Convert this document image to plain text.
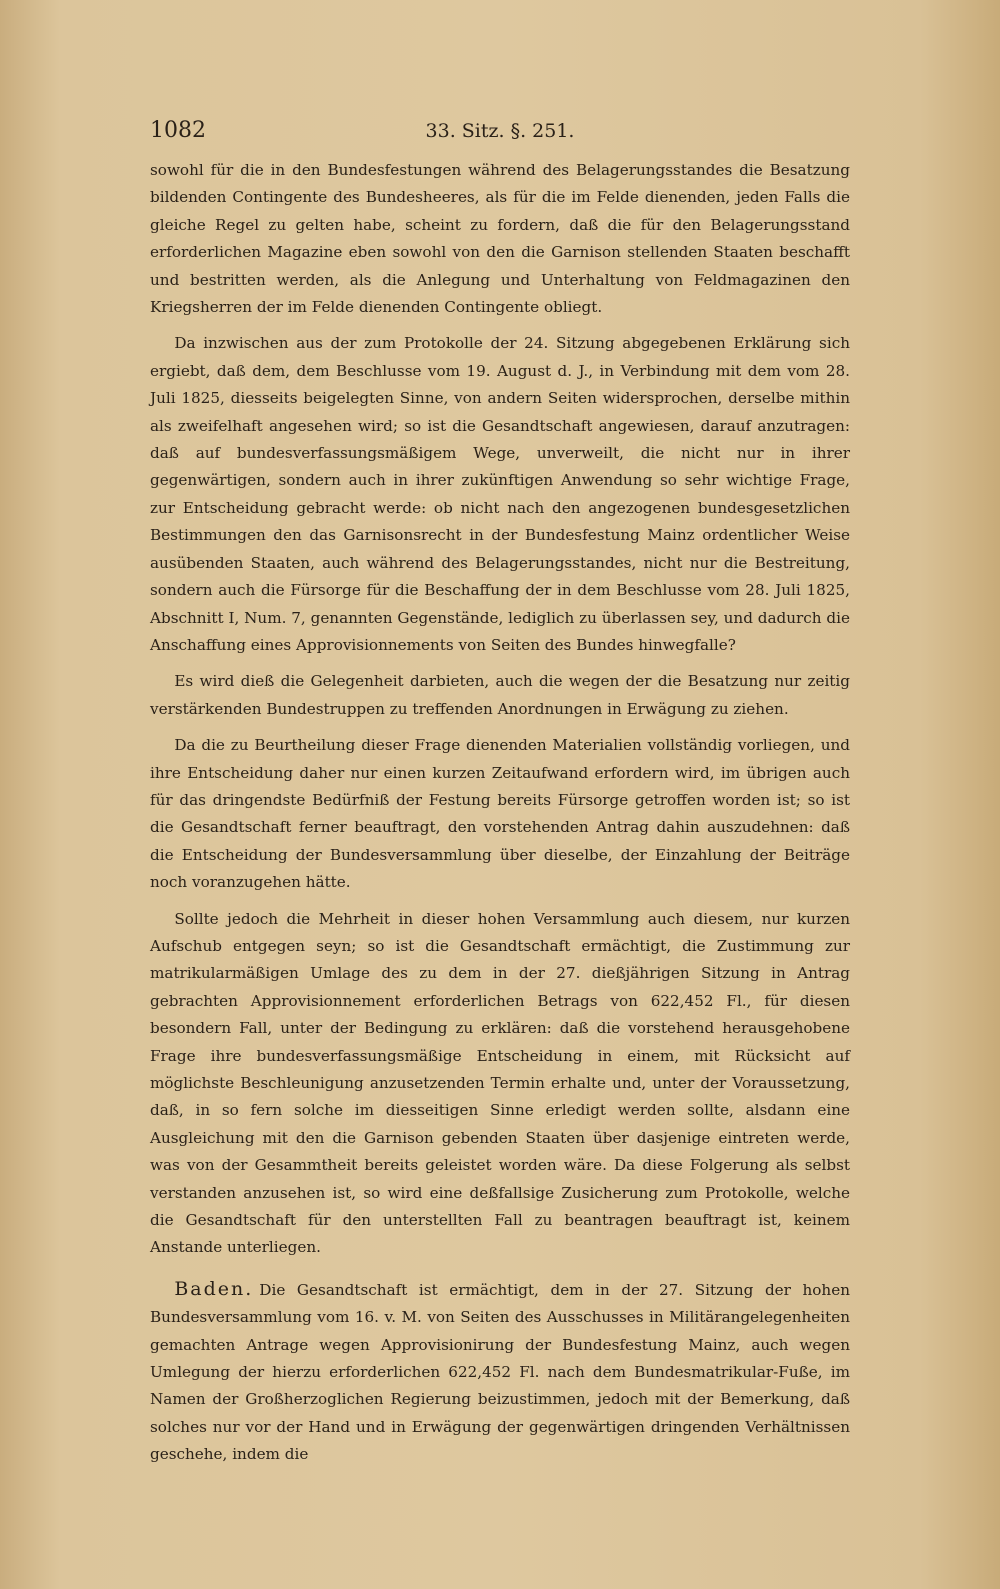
1082	33. Sitz. §. 251.

sowohl für die in den Bundesfestungen während des Belagerungsstandes die Besatzung bildenden Contingente des Bundesheeres, als für die im Felde dienenden, jeden Falls die gleiche Regel zu gelten habe, scheint zu fordern, daß die für den Belagerungsstand erforderlichen Magazine eben sowohl von den die Garnison stellenden Staaten beschafft und bestritten werden, als die Anlegung und Unterhaltung von Feldmagazinen den Kriegsherren der im Felde dienenden Contingente obliegt.

Da inzwischen aus der zum Protokolle der 24. Sitzung abgegebenen Erklärung sich ergiebt, daß dem, dem Beschlusse vom 19. August d. J., in Verbindung mit dem vom 28. Juli 1825, diesseits beigelegten Sinne, von andern Seiten widersprochen, derselbe mithin als zweifelhaft angesehen wird; so ist die Gesandtschaft angewiesen, darauf anzutragen: daß auf bundesverfassungsmäßigem Wege, unverweilt, die nicht nur in ihrer gegenwärtigen, sondern auch in ihrer zukünftigen Anwendung so sehr wichtige Frage, zur Entscheidung gebracht werde: ob nicht nach den angezogenen bundesgesetzlichen Bestimmungen den das Garnisonsrecht in der Bundesfestung Mainz ordentlicher Weise ausübenden Staaten, auch während des Belagerungsstandes, nicht nur die Bestreitung, sondern auch die Fürsorge für die Beschaffung der in dem Beschlusse vom 28. Juli 1825, Abschnitt I, Num. 7, genannten Gegenstände, lediglich zu überlassen sey, und dadurch die Anschaffung eines Approvisionnements von Seiten des Bundes hinwegfalle?

Es wird dieß die Gelegenheit darbieten, auch die wegen der die Besatzung nur zeitig verstärkenden Bundestruppen zu treffenden Anordnungen in Erwägung zu ziehen.

Da die zu Beurtheilung dieser Frage dienenden Materialien vollständig vorliegen, und ihre Entscheidung daher nur einen kurzen Zeitaufwand erfordern wird, im übrigen auch für das dringendste Bedürfniß der Festung bereits Fürsorge getroffen worden ist; so ist die Gesandtschaft ferner beauftragt, den vorstehenden Antrag dahin auszudehnen: daß die Entscheidung der Bundesversammlung über dieselbe, der Einzahlung der Beiträge noch voranzugehen hätte.

Sollte jedoch die Mehrheit in dieser hohen Versammlung auch diesem, nur kurzen Aufschub entgegen seyn; so ist die Gesandtschaft ermächtigt, die Zustimmung zur matrikularmäßigen Umlage des zu dem in der 27. dießjährigen Sitzung in Antrag gebrachten Approvisionnement erforderlichen Betrags von 622,452 Fl., für diesen besondern Fall, unter der Bedingung zu erklären: daß die vorstehend herausgehobene Frage ihre bundesverfassungsmäßige Entscheidung in einem, mit Rücksicht auf möglichste Beschleunigung anzusetzenden Termin erhalte und, unter der Voraussetzung, daß, in so fern solche im diesseitigen Sinne erledigt werden sollte, alsdann eine Ausgleichung mit den die Garnison gebenden Staaten über dasjenige eintreten werde, was von der Gesammtheit bereits geleistet worden wäre. Da diese Folgerung als selbst verstanden anzusehen ist, so wird eine deßfallsige Zusicherung zum Protokolle, welche die Gesandtschaft für den unterstellten Fall zu beantragen beauftragt ist, keinem Anstande unterliegen.

Baden. Die Gesandtschaft ist ermächtigt, dem in der 27. Sitzung der hohen Bundesversammlung vom 16. v. M. von Seiten des Ausschusses in Militärangelegenheiten gemachten Antrage wegen Approvisionirung der Bundesfestung Mainz, auch wegen Umlegung der hierzu erforderlichen 622,452 Fl. nach dem Bundesmatrikular-Fuße, im Namen der Großherzoglichen Regierung beizustimmen, jedoch mit der Bemerkung, daß solches nur vor der Hand und in Erwägung der gegenwärtigen dringenden Verhältnissen geschehe, indem die
